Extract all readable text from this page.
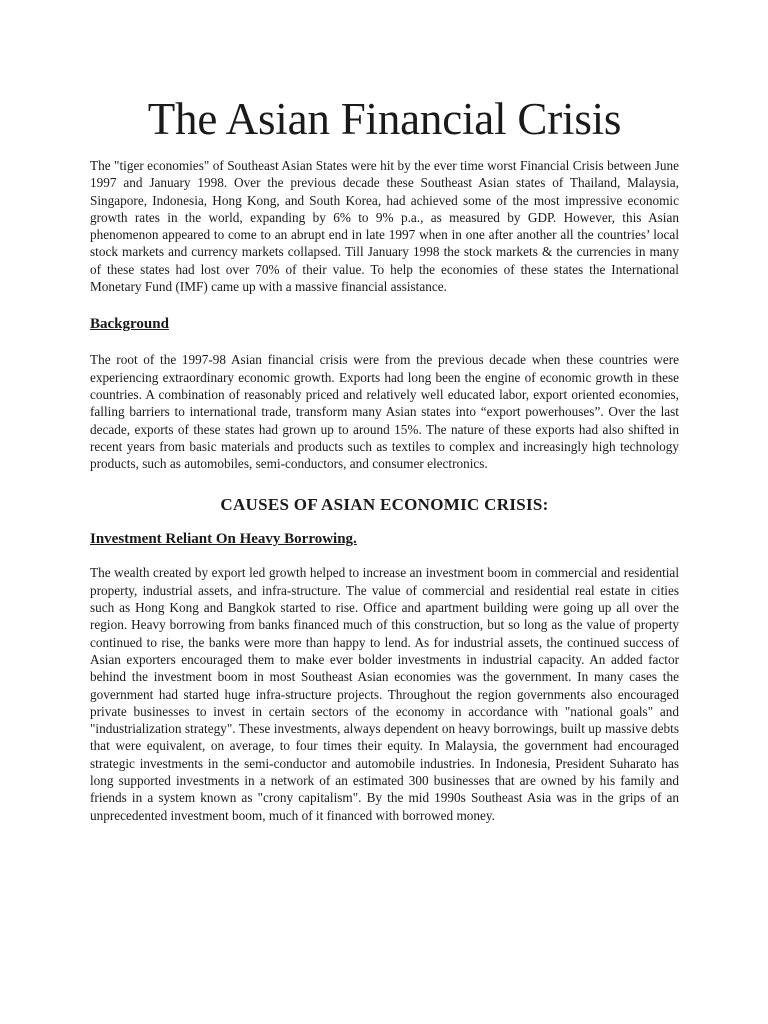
The Asian Financial Crisis

The "tiger economies" of Southeast Asian States were hit by the ever time worst Financial Crisis between June 1997 and January 1998. Over the previous decade these Southeast Asian states of Thailand, Malaysia, Singapore, Indonesia, Hong Kong, and South Korea, had achieved some of the most impressive economic growth rates in the world, expanding by 6% to 9% p.a., as measured by GDP. However, this Asian phenomenon appeared to come to an abrupt end in late 1997 when in one after another all the countries’ local stock markets and currency markets collapsed. Till January 1998 the stock markets & the currencies in many of these states had lost over 70% of their value. To help the economies of these states the International Monetary Fund (IMF) came up with a massive financial assistance.

Background

The root of the 1997-98 Asian financial crisis were from the previous decade when these countries were experiencing extraordinary economic growth. Exports had long been the engine of economic growth in these countries. A combination of reasonably priced and relatively well educated labor, export oriented economies, falling barriers to international trade, transform many Asian states into “export powerhouses”. Over the last decade, exports of these states had grown up to around 15%. The nature of these exports had also shifted in recent years from basic materials and products such as textiles to complex and increasingly high technology products, such as automobiles, semi-conductors, and consumer electronics.

CAUSES OF ASIAN ECONOMIC CRISIS:
Investment Reliant On Heavy Borrowing.

The wealth created by export led growth helped to increase an investment boom in commercial and residential property, industrial assets, and infra-structure. The value of commercial and residential real estate in cities such as Hong Kong and Bangkok started to rise. Office and apartment building were going up all over the region. Heavy borrowing from banks financed much of this construction, but so long as the value of property continued to rise, the banks were more than happy to lend. As for industrial assets, the continued success of Asian exporters encouraged them to make ever bolder investments in industrial capacity. An added factor behind the investment boom in most Southeast Asian economies was the government. In many cases the government had started huge infra-structure projects. Throughout the region governments also encouraged private businesses to invest in certain sectors of the economy in accordance with "national goals" and "industrialization strategy". These investments, always dependent on heavy borrowings, built up massive debts that were equivalent, on average, to four times their equity. In Malaysia, the government had encouraged strategic investments in the semi-conductor and automobile industries. In Indonesia, President Suharato has long supported investments in a network of an estimated 300 businesses that are owned by his family and friends in a system known as "crony capitalism". By the mid 1990s Southeast Asia was in the grips of an unprecedented investment boom, much of it financed with borrowed money.
